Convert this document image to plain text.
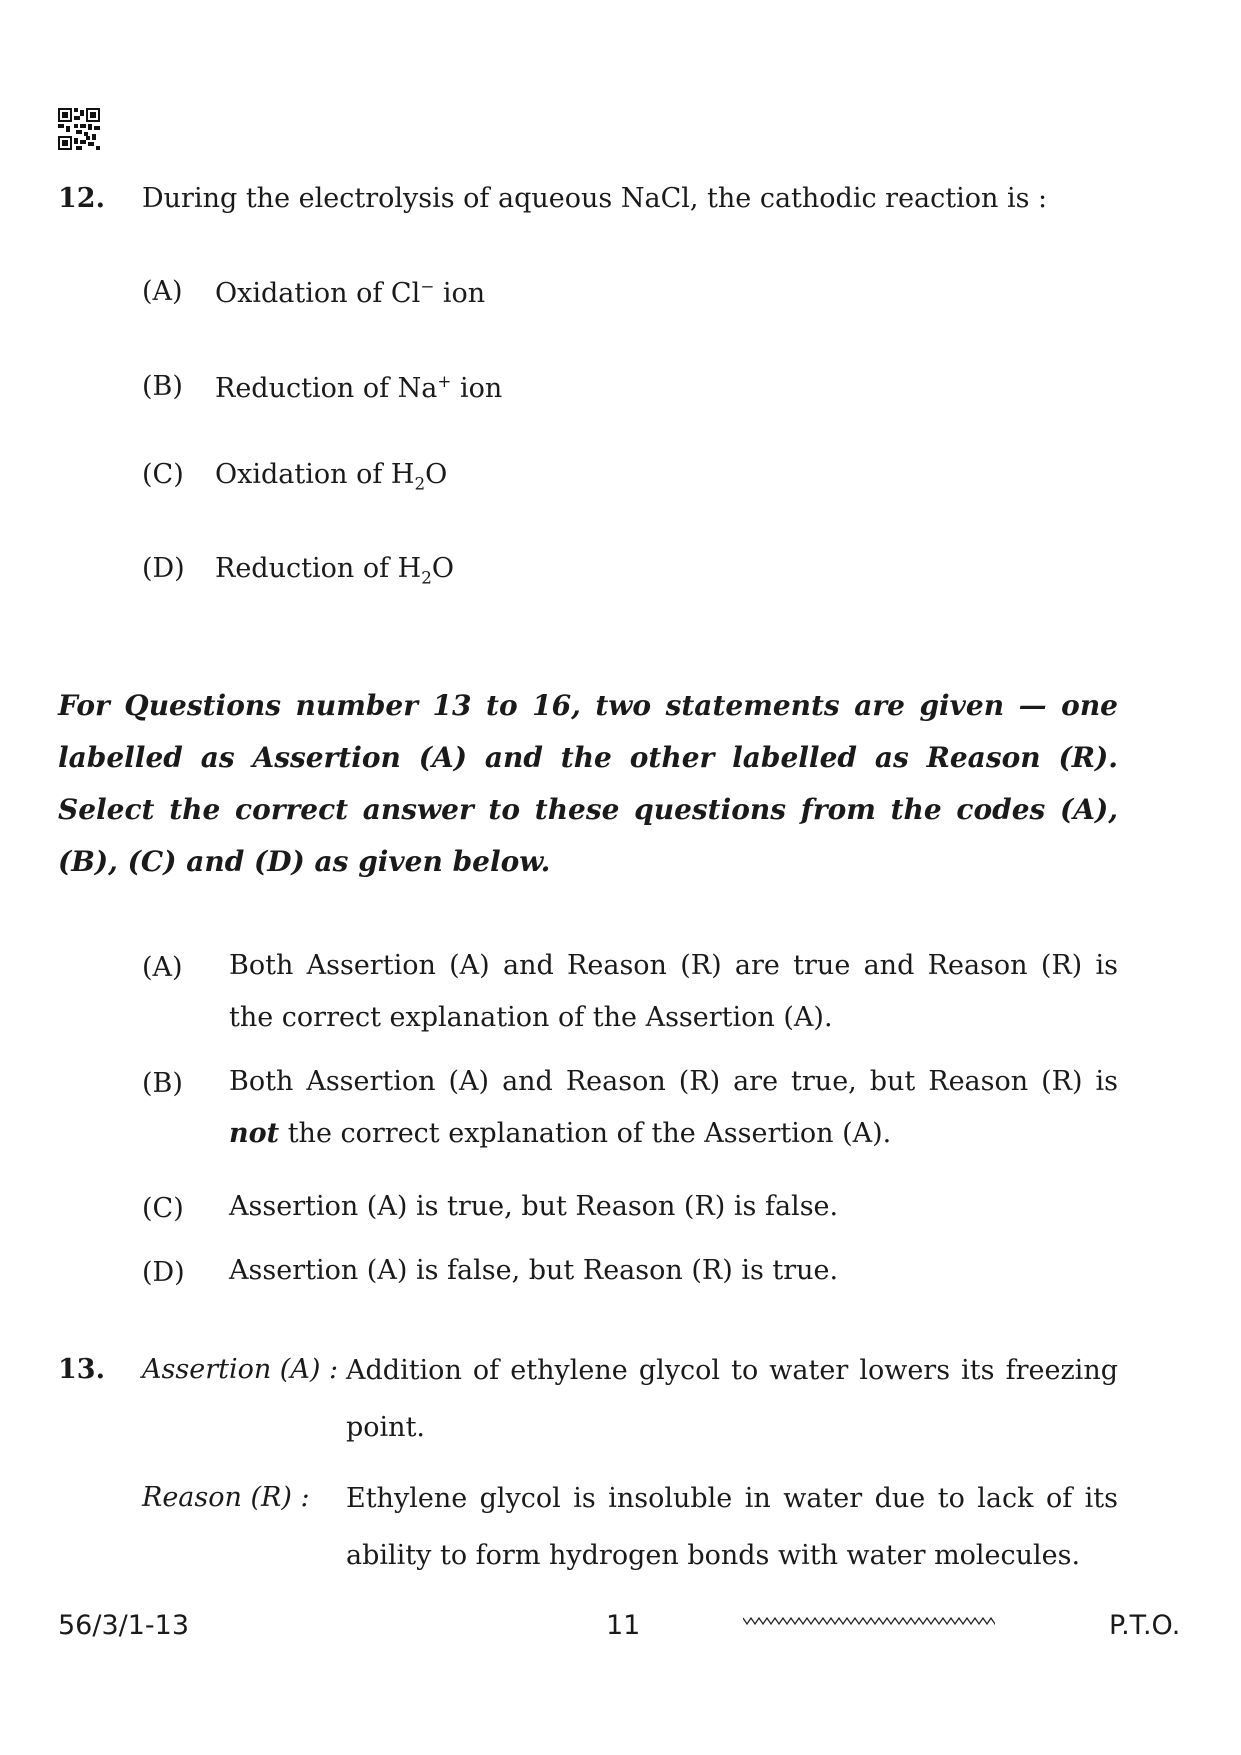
12. During the electrolysis of aqueous NaCl, the cathodic reaction is :
(A) Oxidation of Cl− ion
(B) Reduction of Na+ ion
(C) Oxidation of $H_2O$
(D) Reduction of $H_2O$
For Questions number 13 to 16, two statements are given — one labelled as Assertion (A) and the other labelled as Reason (R). Select the correct answer to these questions from the codes (A), (B), (C) and (D) as given below.
(A) Both Assertion (A) and Reason (R) are true and Reason (R) is the correct explanation of the Assertion (A).
(B) Both Assertion (A) and Reason (R) are true, but Reason (R) is not the correct explanation of the Assertion (A).
(C) Assertion (A) is true, but Reason (R) is false.
(D) Assertion (A) is false, but Reason (R) is true.
13. Assertion (A) : Addition of ethylene glycol to water lowers its freezing point.
Reason (R) : Ethylene glycol is insoluble in water due to lack of its ability to form hydrogen bonds with water molecules.
56/3/1-13	11	P.T.O.
